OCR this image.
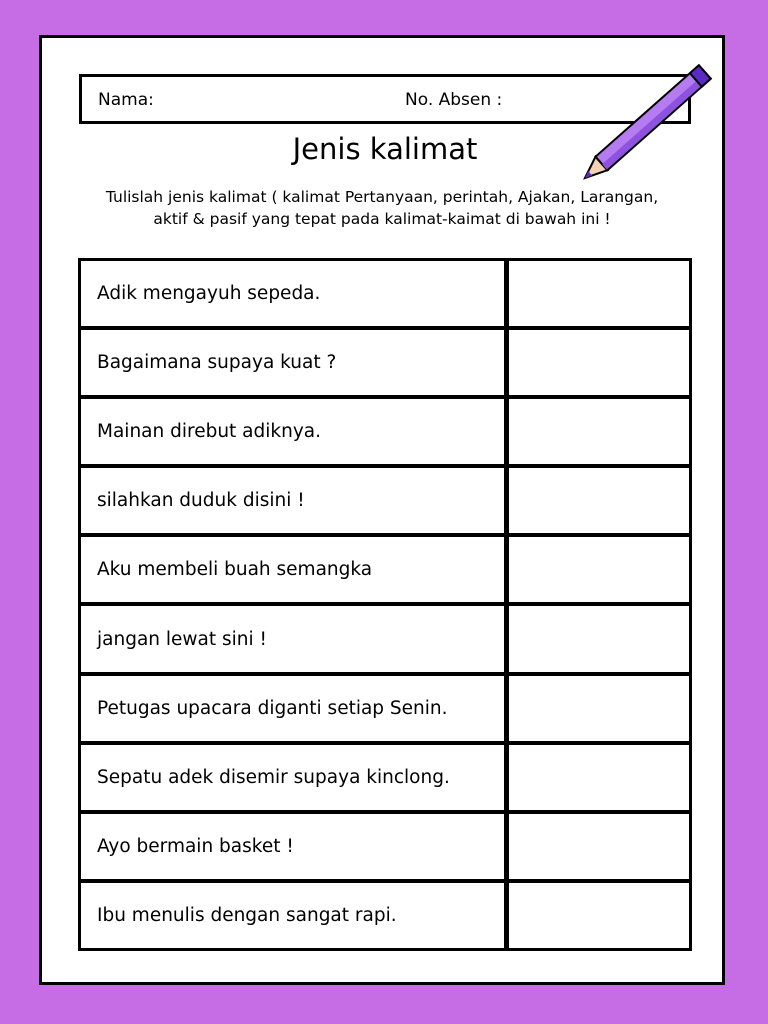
Nama:	No. Absen :
Jenis kalimat
Tulislah jenis kalimat ( kalimat Pertanyaan, perintah, Ajakan, Larangan,
aktif & pasif yang tepat pada kalimat-kaimat di bawah ini !
Adik mengayuh sepeda.
Bagaimana supaya kuat ?
Mainan direbut adiknya.
silahkan duduk disini !
Aku membeli buah semangka
jangan lewat sini !
Petugas upacara diganti setiap Senin.
Sepatu adek disemir supaya kinclong.
Ayo bermain basket !
Ibu menulis dengan sangat rapi.
